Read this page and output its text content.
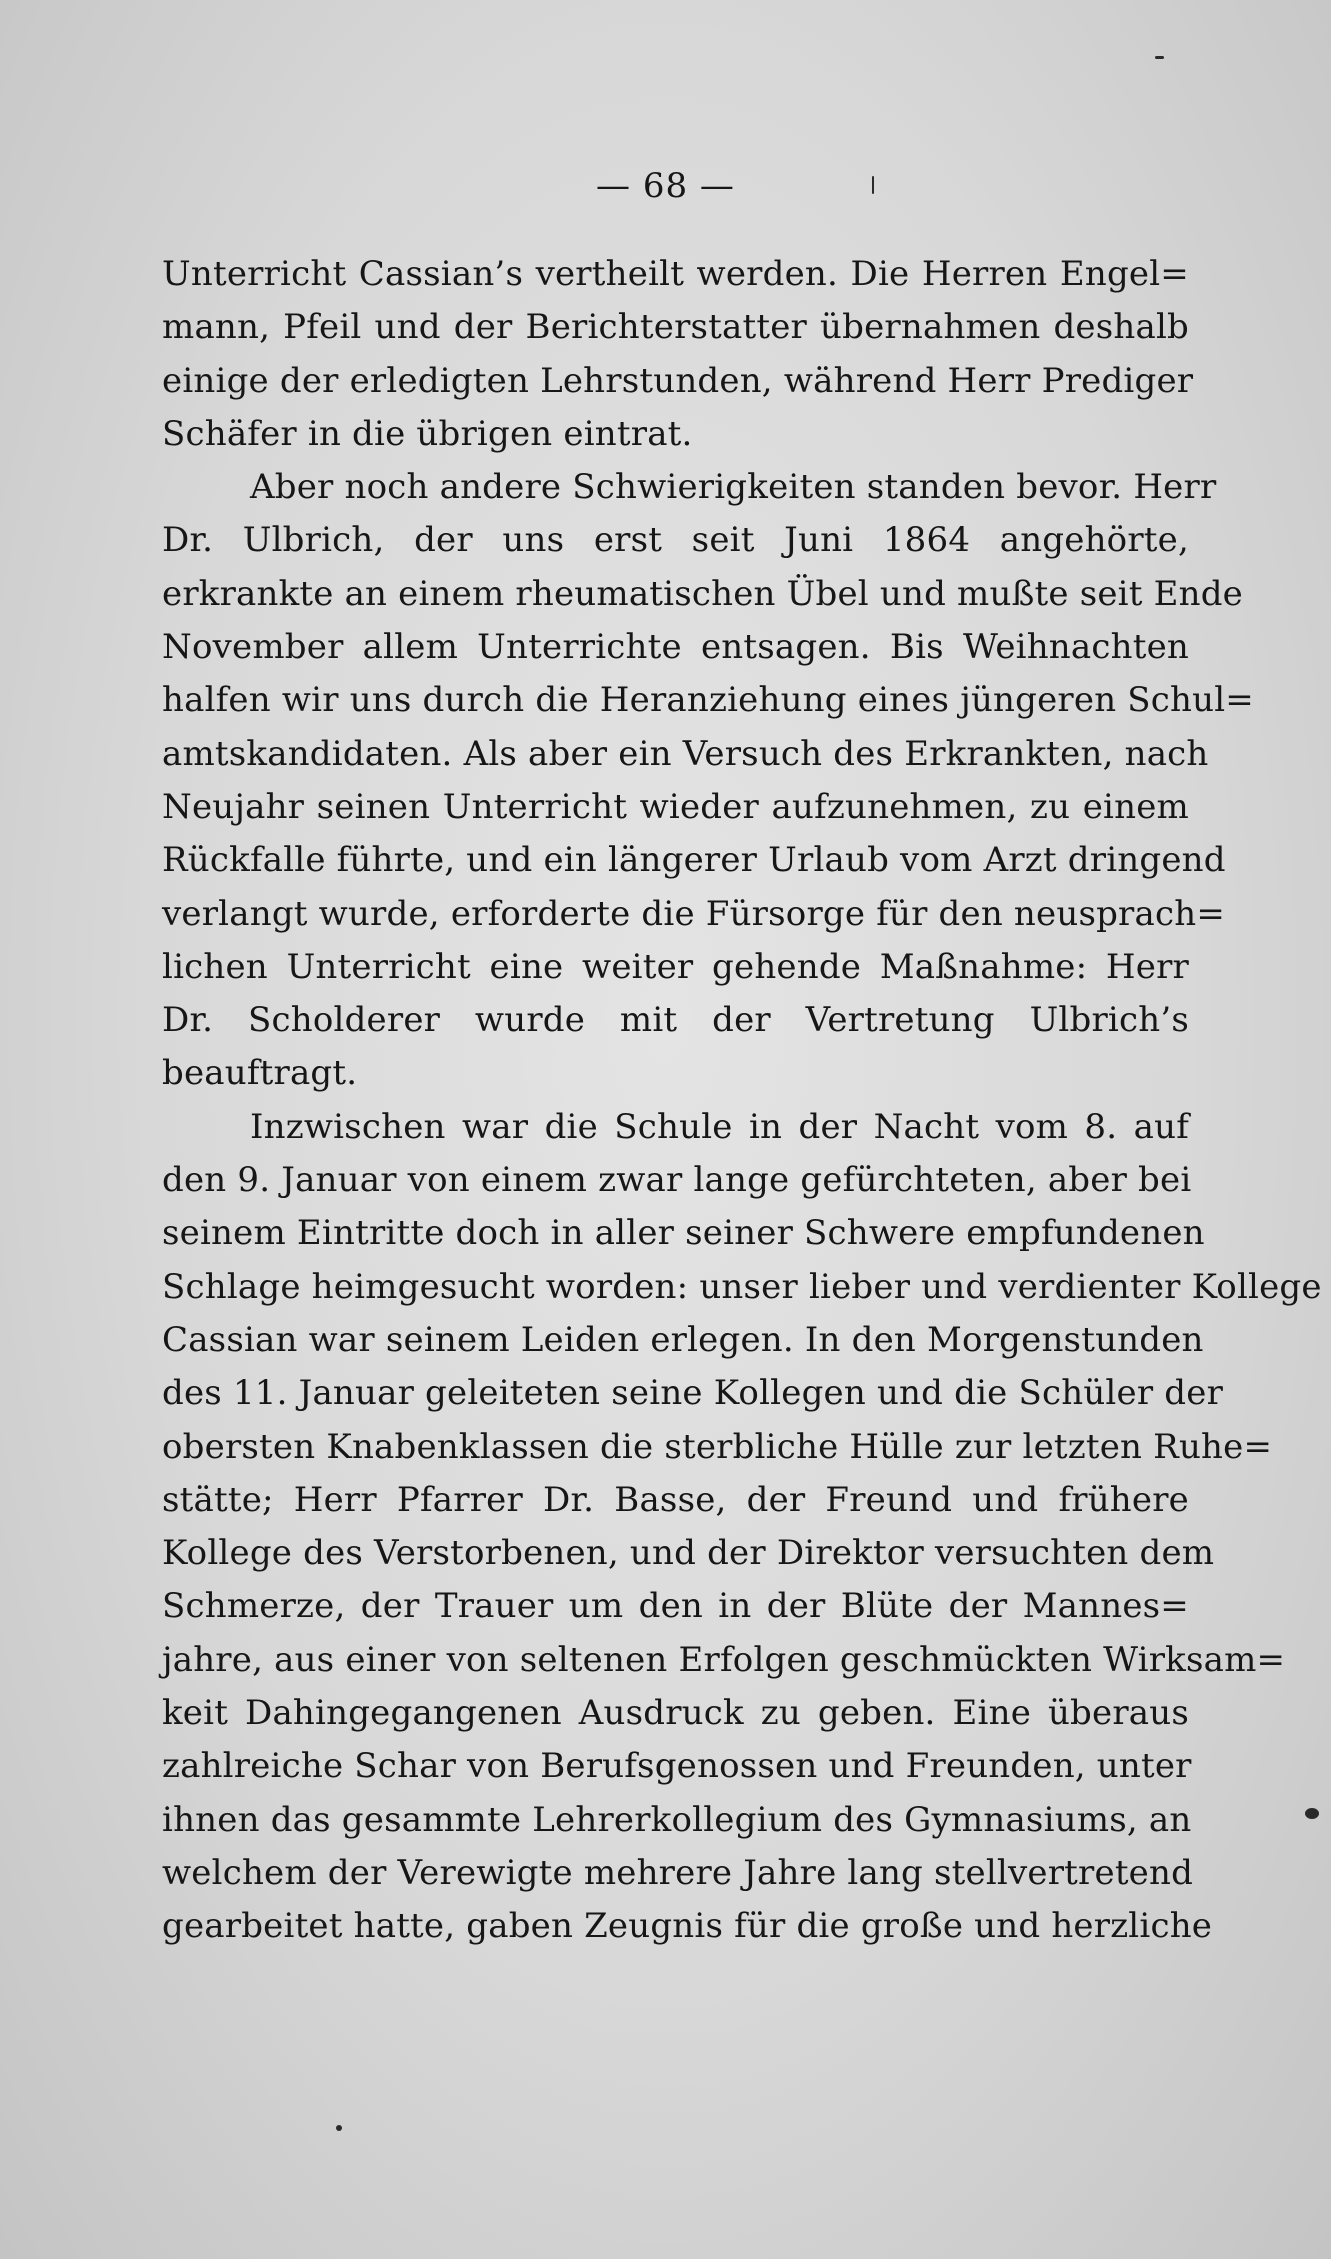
— 68 —
Unterricht Cassian’s vertheilt werden. Die Herren Engel=
mann, Pfeil und der Berichterstatter übernahmen deshalb
einige der erledigten Lehrstunden, während Herr Prediger
Schäfer in die übrigen eintrat.
Aber noch andere Schwierigkeiten standen bevor. Herr
Dr. Ulbrich, der uns erst seit Juni 1864 angehörte,
erkrankte an einem rheumatischen Übel und mußte seit Ende
November allem Unterrichte entsagen. Bis Weihnachten
halfen wir uns durch die Heranziehung eines jüngeren Schul=
amtskandidaten. Als aber ein Versuch des Erkrankten, nach
Neujahr seinen Unterricht wieder aufzunehmen, zu einem
Rückfalle führte, und ein längerer Urlaub vom Arzt dringend
verlangt wurde, erforderte die Fürsorge für den neusprach=
lichen Unterricht eine weiter gehende Maßnahme: Herr
Dr. Scholderer wurde mit der Vertretung Ulbrich’s
beauftragt.
Inzwischen war die Schule in der Nacht vom 8. auf
den 9. Januar von einem zwar lange gefürchteten, aber bei
seinem Eintritte doch in aller seiner Schwere empfundenen
Schlage heimgesucht worden: unser lieber und verdienter Kollege
Cassian war seinem Leiden erlegen. In den Morgenstunden
des 11. Januar geleiteten seine Kollegen und die Schüler der
obersten Knabenklassen die sterbliche Hülle zur letzten Ruhe=
stätte; Herr Pfarrer Dr. Basse, der Freund und frühere
Kollege des Verstorbenen, und der Direktor versuchten dem
Schmerze, der Trauer um den in der Blüte der Mannes=
jahre, aus einer von seltenen Erfolgen geschmückten Wirksam=
keit Dahingegangenen Ausdruck zu geben. Eine überaus
zahlreiche Schar von Berufsgenossen und Freunden, unter
ihnen das gesammte Lehrerkollegium des Gymnasiums, an
welchem der Verewigte mehrere Jahre lang stellvertretend
gearbeitet hatte, gaben Zeugnis für die große und herzliche
